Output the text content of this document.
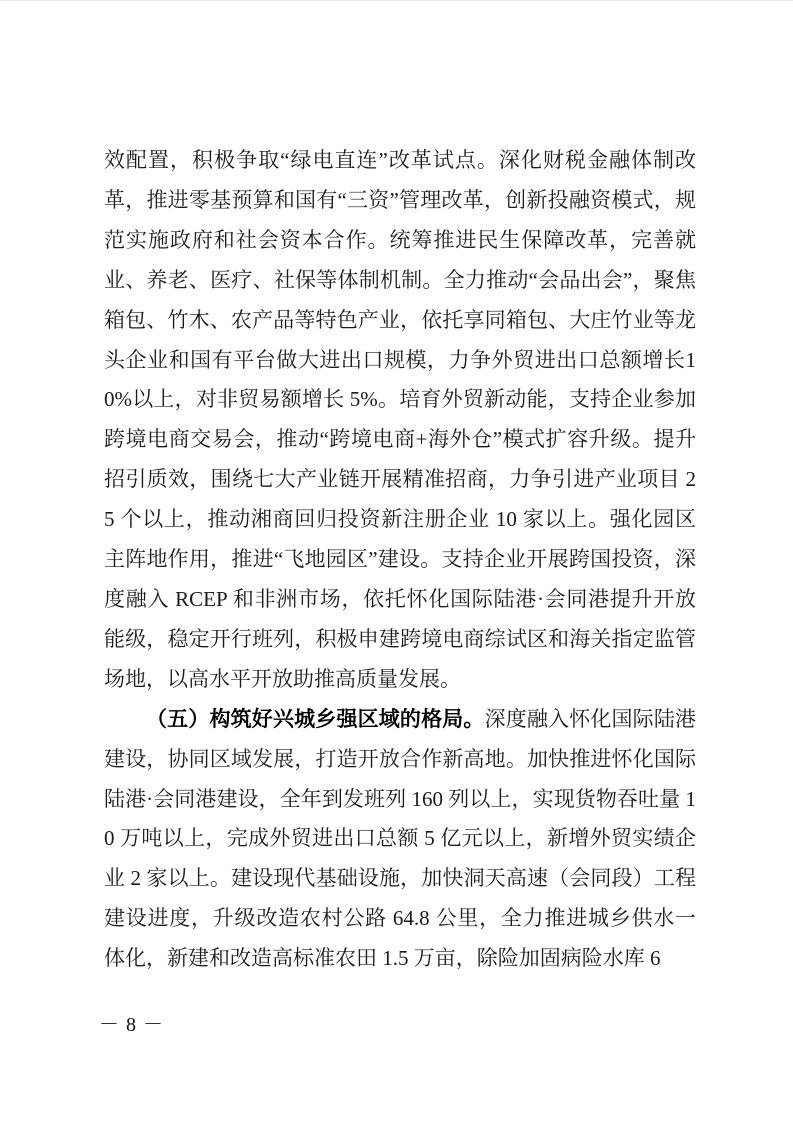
效配置，积极争取“绿电直连”改革试点。深化财税金融体制改革，推进零基预算和国有“三资”管理改革，创新投融资模式，规范实施政府和社会资本合作。统筹推进民生保障改革，完善就业、养老、医疗、社保等体制机制。全力推动“会品出会”，聚焦箱包、竹木、农产品等特色产业，依托享同箱包、大庄竹业等龙头企业和国有平台做大进出口规模，力争外贸进出口总额增长10%以上，对非贸易额增长 5%。培育外贸新动能，支持企业参加跨境电商交易会，推动“跨境电商+海外仓”模式扩容升级。提升招引质效，围绕七大产业链开展精准招商，力争引进产业项目 25 个以上，推动湘商回归投资新注册企业 10 家以上。强化园区主阵地作用，推进“飞地园区”建设。支持企业开展跨国投资，深度融入 RCEP 和非洲市场，依托怀化国际陆港·会同港提升开放能级，稳定开行班列，积极申建跨境电商综试区和海关指定监管场地，以高水平开放助推高质量发展。

（五）构筑好兴城乡强区域的格局。深度融入怀化国际陆港建设，协同区域发展，打造开放合作新高地。加快推进怀化国际陆港·会同港建设，全年到发班列 160 列以上，实现货物吞吐量 10 万吨以上，完成外贸进出口总额 5 亿元以上，新增外贸实绩企业 2 家以上。建设现代基础设施，加快洞天高速（会同段）工程建设进度，升级改造农村公路 64.8 公里，全力推进城乡供水一体化，新建和改造高标准农田 1.5 万亩，除险加固病险水库 6

－ 8 －
